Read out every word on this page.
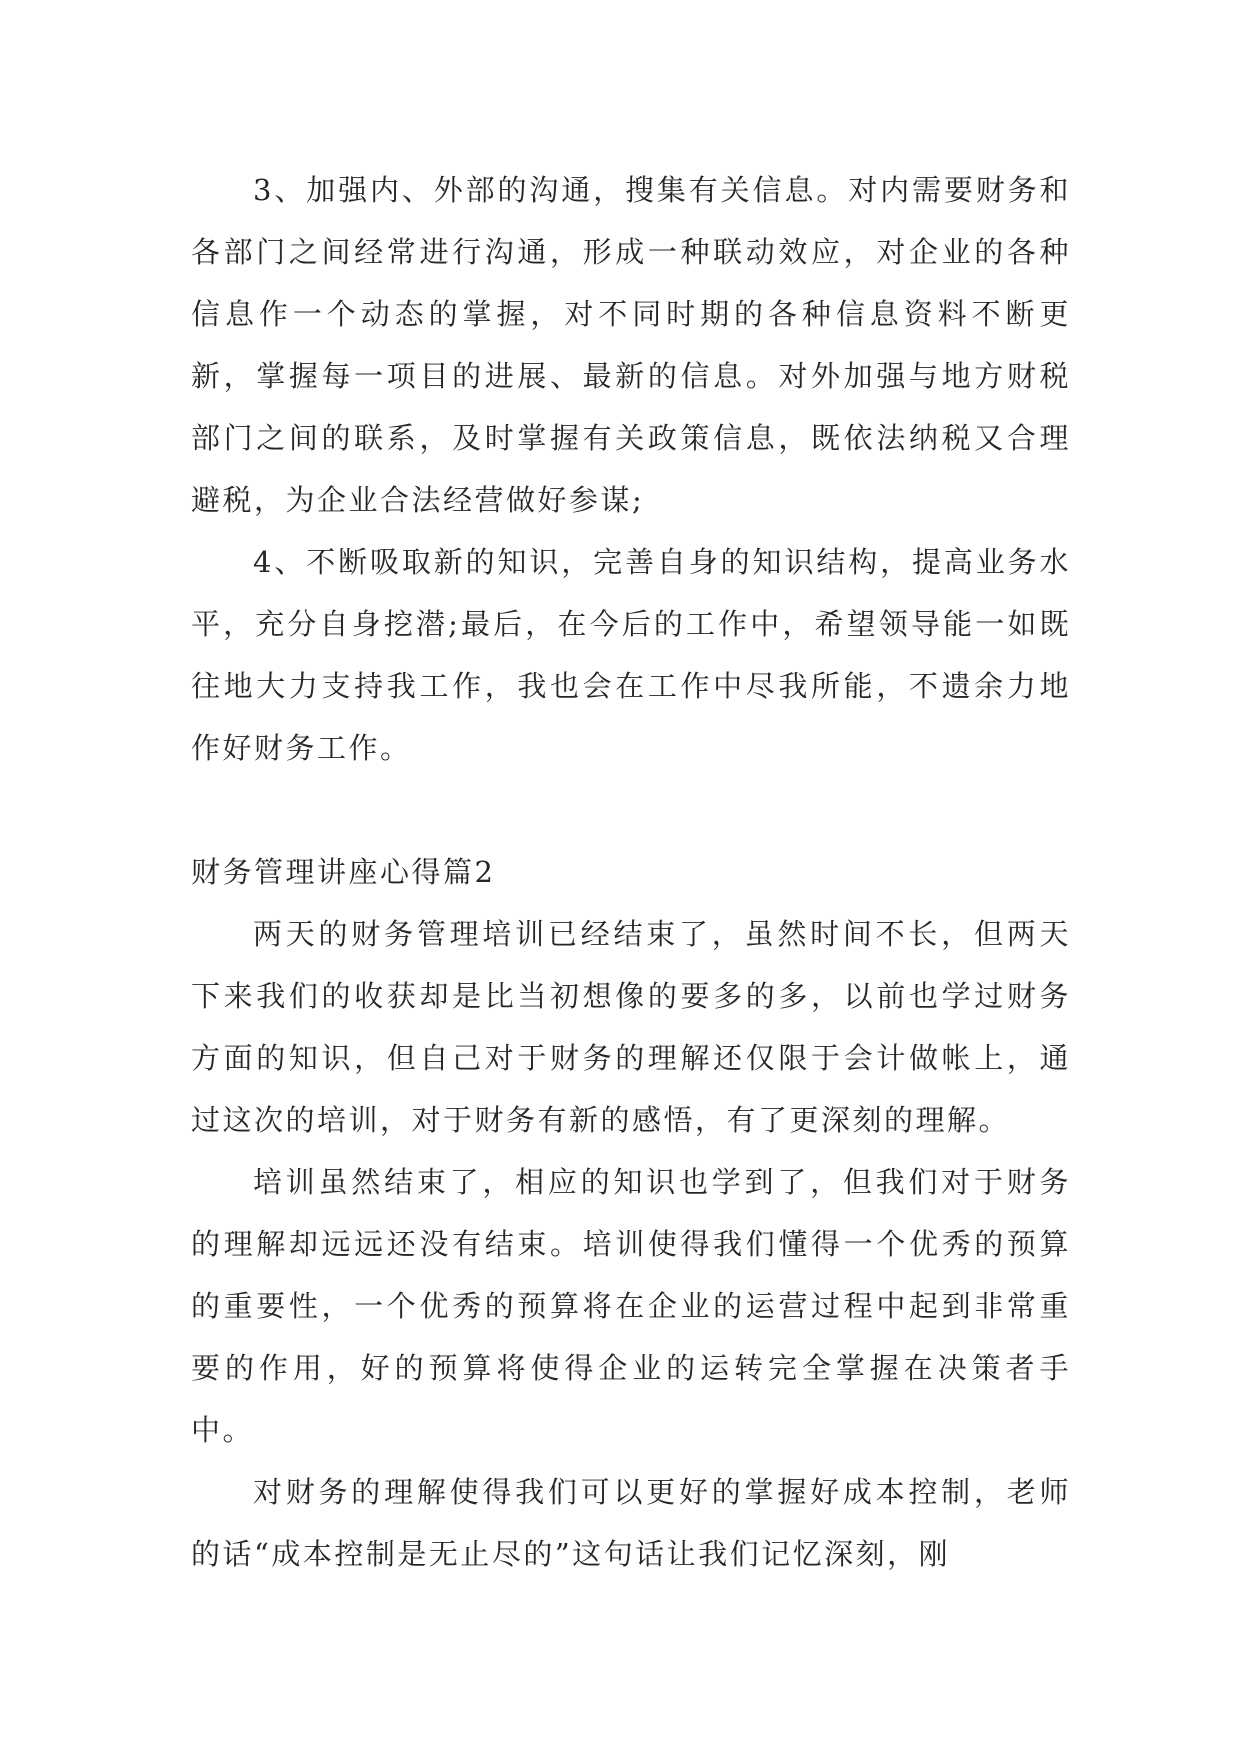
3、加强内、外部的沟通，搜集有关信息。对内需要财务和各部门之间经常进行沟通，形成一种联动效应，对企业的各种信息作一个动态的掌握，对不同时期的各种信息资料不断更新，掌握每一项目的进展、最新的信息。对外加强与地方财税部门之间的联系，及时掌握有关政策信息，既依法纳税又合理避税，为企业合法经营做好参谋;

4、不断吸取新的知识，完善自身的知识结构，提高业务水平，充分自身挖潜;最后，在今后的工作中，希望领导能一如既往地大力支持我工作，我也会在工作中尽我所能，不遗余力地作好财务工作。

财务管理讲座心得篇2

两天的财务管理培训已经结束了，虽然时间不长，但两天下来我们的收获却是比当初想像的要多的多，以前也学过财务方面的知识，但自己对于财务的理解还仅限于会计做帐上，通过这次的培训，对于财务有新的感悟，有了更深刻的理解。

培训虽然结束了，相应的知识也学到了，但我们对于财务的理解却远远还没有结束。培训使得我们懂得一个优秀的预算的重要性，一个优秀的预算将在企业的运营过程中起到非常重要的作用，好的预算将使得企业的运转完全掌握在决策者手中。

对财务的理解使得我们可以更好的掌握好成本控制，老师的话“成本控制是无止尽的”这句话让我们记忆深刻，刚
